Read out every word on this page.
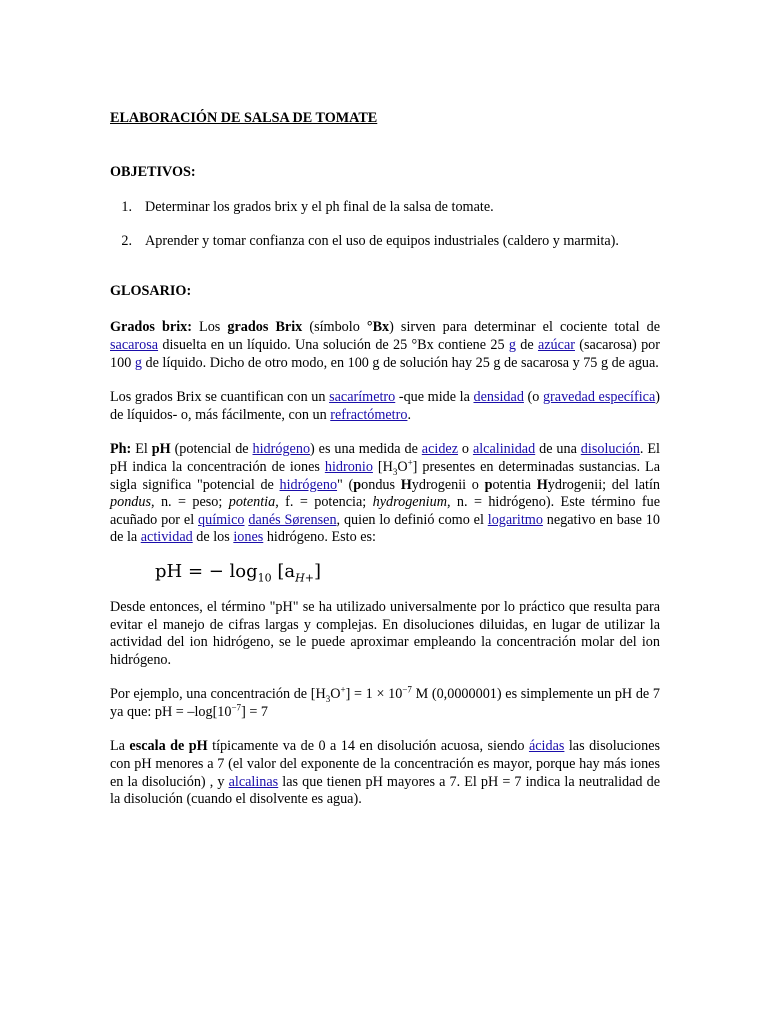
ELABORACIÓN DE SALSA DE TOMATE
OBJETIVOS:
1. Determinar los grados brix y el ph final de la salsa de tomate.
2. Aprender y tomar confianza con el uso de equipos industriales (caldero y marmita).
GLOSARIO:

Grados brix: Los grados Brix (símbolo °Bx) sirven para determinar el cociente total de sacarosa disuelta en un líquido. Una solución de 25 °Bx contiene 25 g de azúcar (sacarosa) por 100 g de líquido. Dicho de otro modo, en 100 g de solución hay 25 g de sacarosa y 75 g de agua.

Los grados Brix se cuantifican con un sacarímetro -que mide la densidad (o gravedad específica) de líquidos- o, más fácilmente, con un refractómetro.

Ph: El pH (potencial de hidrógeno) es una medida de acidez o alcalinidad de una disolución. El pH indica la concentración de iones hidronio $[H_3O^+]$ presentes en determinadas sustancias. La sigla significa "potencial de hidrógeno" (pondus Hydrogenii o potentia Hydrogenii; del latín pondus, n. = peso; potentia, f. = potencia; hydrogenium, n. = hidrógeno). Este término fue acuñado por el químico danés Sørensen, quien lo definió como el logaritmo negativo en base 10 de la actividad de los iones hidrógeno. Esto es:

pH = − $\log_{10} [a_{H+}]$

Desde entonces, el término "pH" se ha utilizado universalmente por lo práctico que resulta para evitar el manejo de cifras largas y complejas. En disoluciones diluidas, en lugar de utilizar la actividad del ion hidrógeno, se le puede aproximar empleando la concentración molar del ion hidrógeno.

Por ejemplo, una concentración de $[H_3O^+] = 1 \times 10^{-7}$ M (0,0000001) es simplemente un pH de 7 ya que: pH = $-\log[10^{-7}] = 7$

La escala de pH típicamente va de 0 a 14 en disolución acuosa, siendo ácidas las disoluciones con pH menores a 7 (el valor del exponente de la concentración es mayor, porque hay más iones en la disolución) , y alcalinas las que tienen pH mayores a 7. El pH = 7 indica la neutralidad de la disolución (cuando el disolvente es agua).
